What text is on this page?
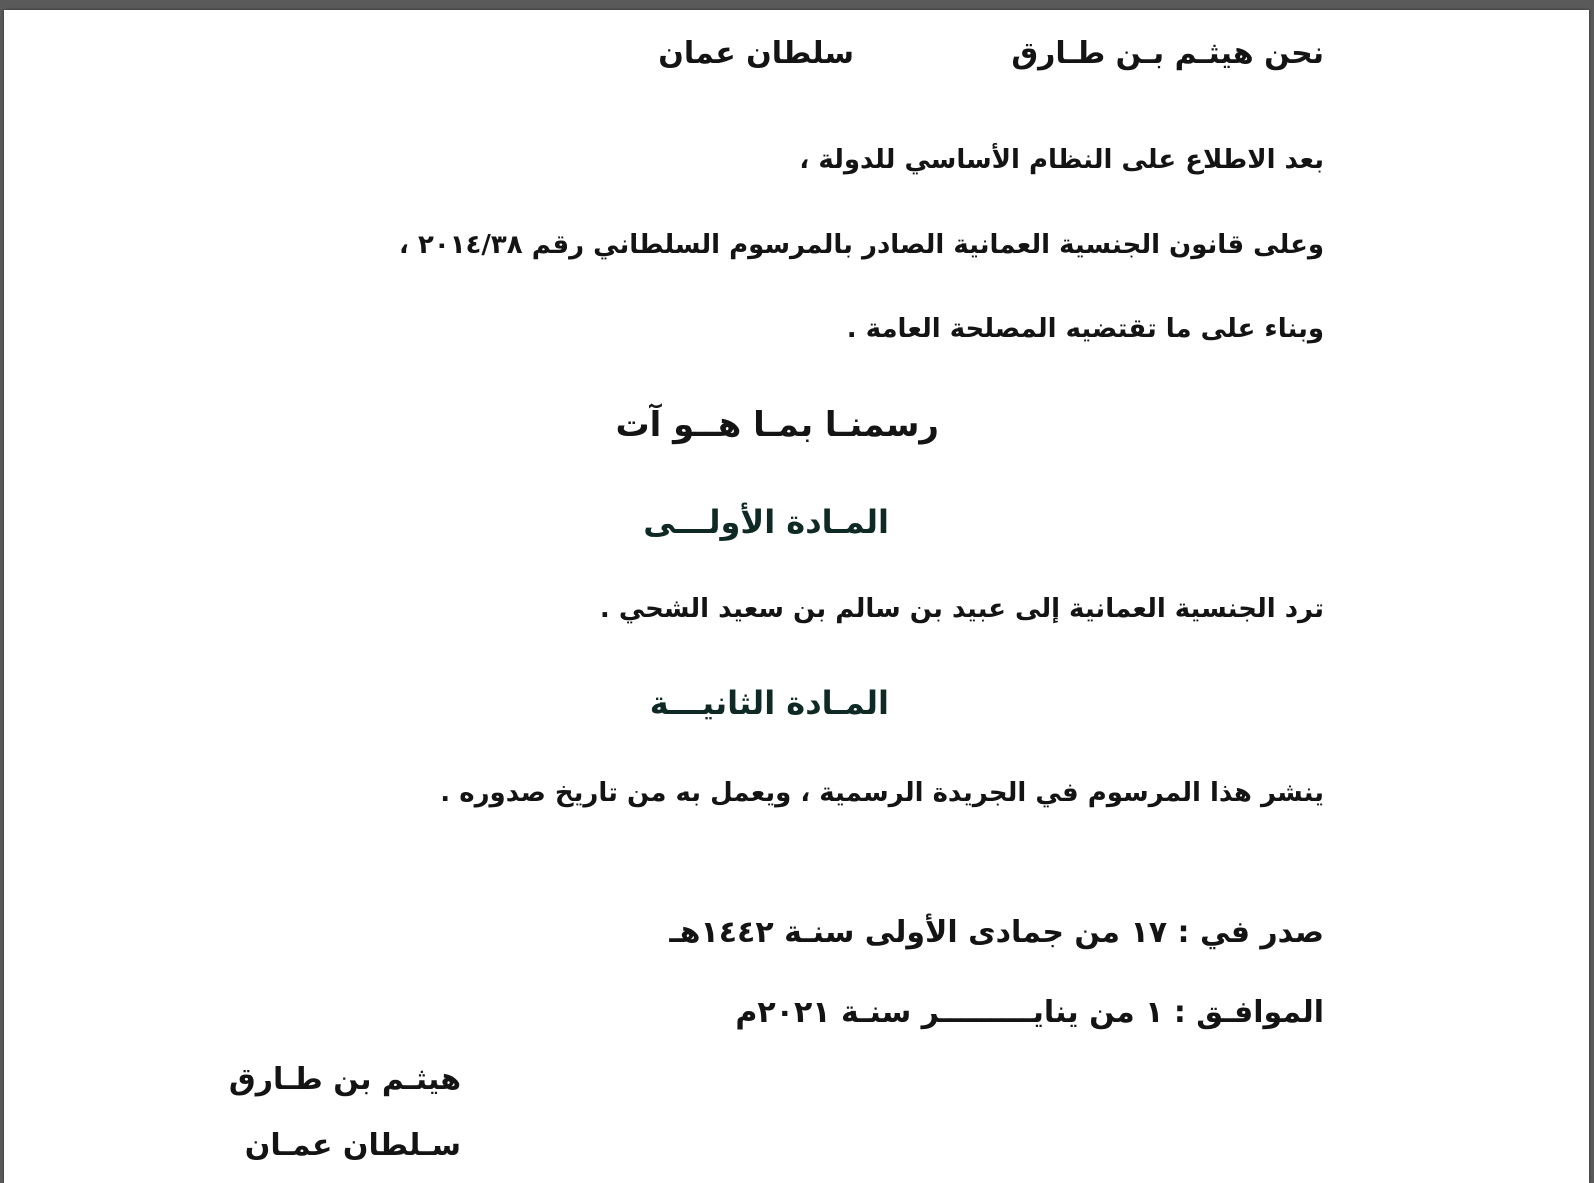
نحن هيثـم بـن طـارق
سلطان عمان
بعد الاطلاع على النظام الأساسي للدولة ،
وعلى قانون الجنسية العمانية الصادر بالمرسوم السلطاني رقم ٢٠١٤/٣٨ ،
وبناء على ما تقتضيه المصلحة العامة .
رسمنـا بمـا هــو آت
المـادة الأولـــى
ترد الجنسية العمانية إلى عبيد بن سالم بن سعيد الشحي .
المـادة الثانيـــة
ينشر هذا المرسوم في الجريدة الرسمية ، ويعمل به من تاريخ صدوره .
صدر في : ١٧ من جمادى الأولى سنـة ١٤٤٢هـ
الموافـق : ١ من ينايـــــــــر سنـة ٢٠٢١م
هيثـم بن طـارق
سـلطان عمـان
